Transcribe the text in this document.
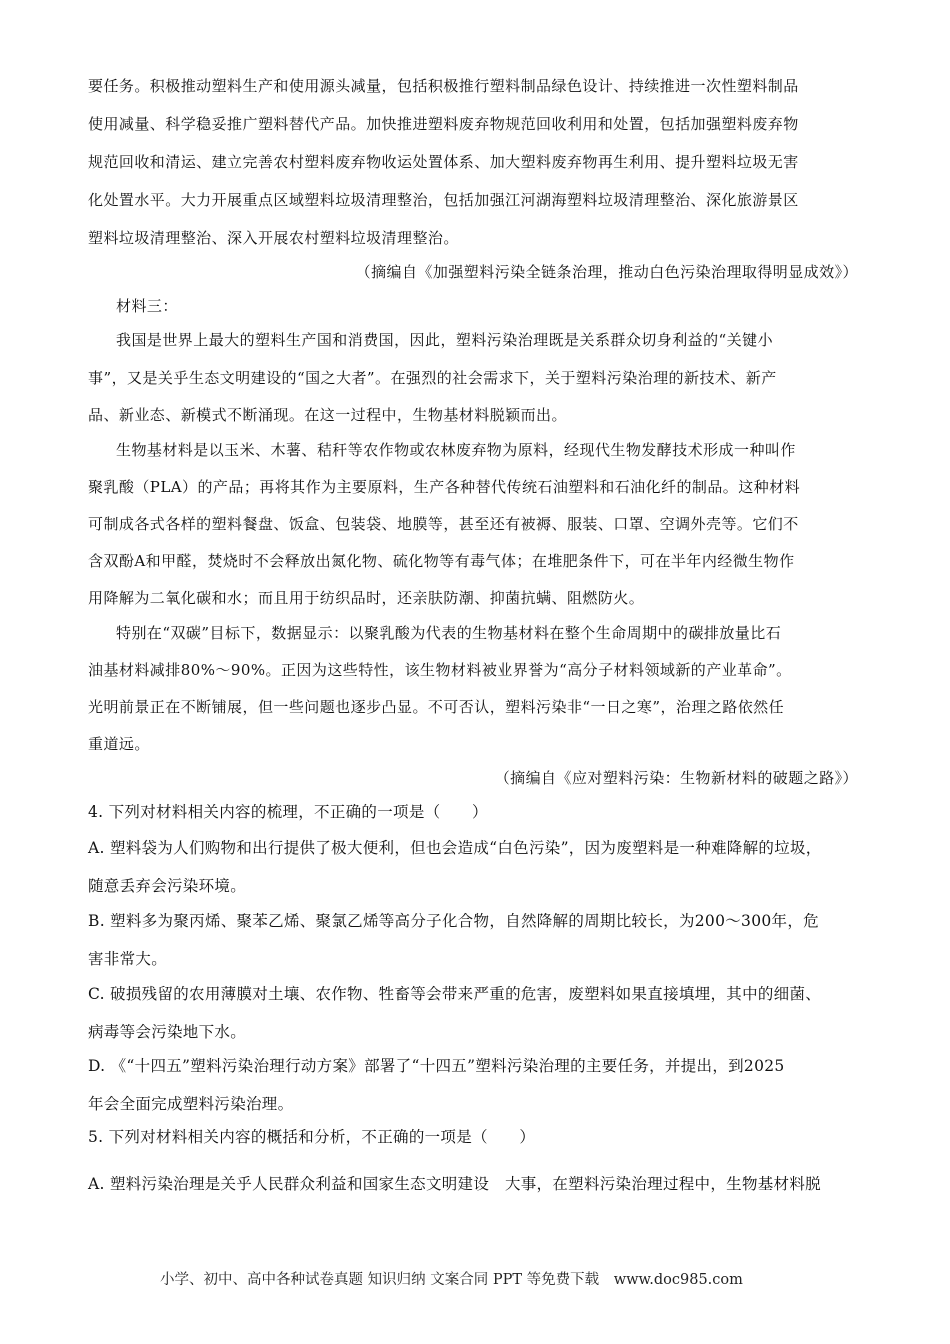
要任务。积极推动塑料生产和使用源头减量，包括积极推行塑料制品绿色设计、持续推进一次性塑料制品
使用减量、科学稳妥推广塑料替代产品。加快推进塑料废弃物规范回收利用和处置，包括加强塑料废弃物
规范回收和清运、建立完善农村塑料废弃物收运处置体系、加大塑料废弃物再生利用、提升塑料垃圾无害
化处置水平。大力开展重点区域塑料垃圾清理整治，包括加强江河湖海塑料垃圾清理整治、深化旅游景区
塑料垃圾清理整治、深入开展农村塑料垃圾清理整治。
（摘编自《加强塑料污染全链条治理，推动白色污染治理取得明显成效》）
材料三：
我国是世界上最大的塑料生产国和消费国，因此，塑料污染治理既是关系群众切身利益的“关键小
事”，又是关乎生态文明建设的“国之大者”。在强烈的社会需求下，关于塑料污染治理的新技术、新产
品、新业态、新模式不断涌现。在这一过程中，生物基材料脱颖而出。
生物基材料是以玉米、木薯、秸秆等农作物或农林废弃物为原料，经现代生物发酵技术形成一种叫作
聚乳酸（PLA）的产品；再将其作为主要原料，生产各种替代传统石油塑料和石油化纤的制品。这种材料
可制成各式各样的塑料餐盘、饭盒、包装袋、地膜等，甚至还有被褥、服装、口罩、空调外壳等。它们不
含双酚A和甲醛，焚烧时不会释放出氮化物、硫化物等有毒气体；在堆肥条件下，可在半年内经微生物作
用降解为二氧化碳和水；而且用于纺织品时，还亲肤防潮、抑菌抗螨、阻燃防火。
特别在“双碳”目标下，数据显示：以聚乳酸为代表的生物基材料在整个生命周期中的碳排放量比石
油基材料减排80%～90%。正因为这些特性，该生物材料被业界誉为“高分子材料领域新的产业革命”。
光明前景正在不断铺展，但一些问题也逐步凸显。不可否认，塑料污染非“一日之寒”，治理之路依然任
重道远。
（摘编自《应对塑料污染：生物新材料的破题之路》）
4. 下列对材料相关内容的梳理，不正确的一项是（　　）
A. 塑料袋为人们购物和出行提供了极大便利，但也会造成“白色污染”，因为废塑料是一种难降解的垃圾，
随意丢弃会污染环境。
B. 塑料多为聚丙烯、聚苯乙烯、聚氯乙烯等高分子化合物，自然降解的周期比较长，为200～300年，危
害非常大。
C. 破损残留的农用薄膜对土壤、农作物、牲畜等会带来严重的危害，废塑料如果直接填埋，其中的细菌、
病毒等会污染地下水。
D. 《“十四五”塑料污染治理行动方案》部署了“十四五”塑料污染治理的主要任务，并提出，到2025
年会全面完成塑料污染治理。
5. 下列对材料相关内容的概括和分析，不正确的一项是（　　）
A. 塑料污染治理是关乎人民群众利益和国家生态文明建设　大事，在塑料污染治理过程中，生物基材料脱
小学、初中、高中各种试卷真题 知识归纳 文案合同 PPT 等免费下载 www.doc985.com
